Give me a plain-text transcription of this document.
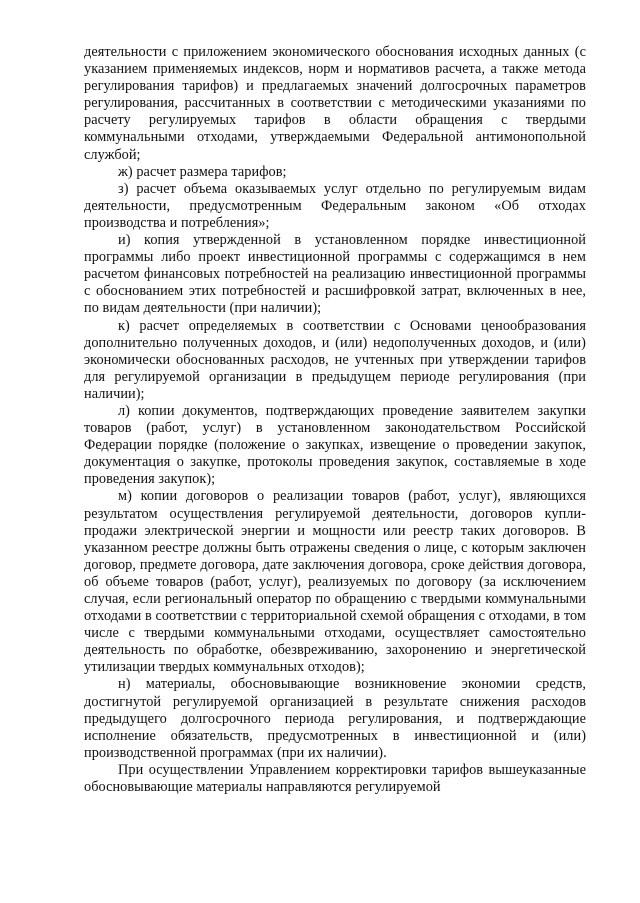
деятельности с приложением экономического обоснования исходных данных (с указанием применяемых индексов, норм и нормативов расчета, а также метода регулирования тарифов) и предлагаемых значений долгосрочных параметров регулирования, рассчитанных в соответствии с методическими указаниями по расчету регулируемых тарифов в области обращения с твердыми коммунальными отходами, утверждаемыми Федеральной антимонопольной службой;

ж) расчет размера тарифов;

з) расчет объема оказываемых услуг отдельно по регулируемым видам деятельности, предусмотренным Федеральным законом «Об отходах производства и потребления»;

и) копия утвержденной в установленном порядке инвестиционной программы либо проект инвестиционной программы с содержащимся в нем расчетом финансовых потребностей на реализацию инвестиционной программы с обоснованием этих потребностей и расшифровкой затрат, включенных в нее, по видам деятельности (при наличии);

к) расчет определяемых в соответствии с Основами ценообразования дополнительно полученных доходов, и (или) недополученных доходов, и (или) экономически обоснованных расходов, не учтенных при утверждении тарифов для регулируемой организации в предыдущем периоде регулирования (при наличии);

л) копии документов, подтверждающих проведение заявителем закупки товаров (работ, услуг) в установленном законодательством Российской Федерации порядке (положение о закупках, извещение о проведении закупок, документация о закупке, протоколы проведения закупок, составляемые в ходе проведения закупок);

м) копии договоров о реализации товаров (работ, услуг), являющихся результатом осуществления регулируемой деятельности, договоров купли-продажи электрической энергии и мощности или реестр таких договоров. В указанном реестре должны быть отражены сведения о лице, с которым заключен договор, предмете договора, дате заключения договора, сроке действия договора, об объеме товаров (работ, услуг), реализуемых по договору (за исключением случая, если региональный оператор по обращению с твердыми коммунальными отходами в соответствии с территориальной схемой обращения с отходами, в том числе с твердыми коммунальными отходами, осуществляет самостоятельно деятельность по обработке, обезвреживанию, захоронению и энергетической утилизации твердых коммунальных отходов);

н) материалы, обосновывающие возникновение экономии средств, достигнутой регулируемой организацией в результате снижения расходов предыдущего долгосрочного периода регулирования, и подтверждающие исполнение обязательств, предусмотренных в инвестиционной и (или) производственной программах (при их наличии).

При осуществлении Управлением корректировки тарифов вышеуказанные обосновывающие материалы направляются регулируемой
